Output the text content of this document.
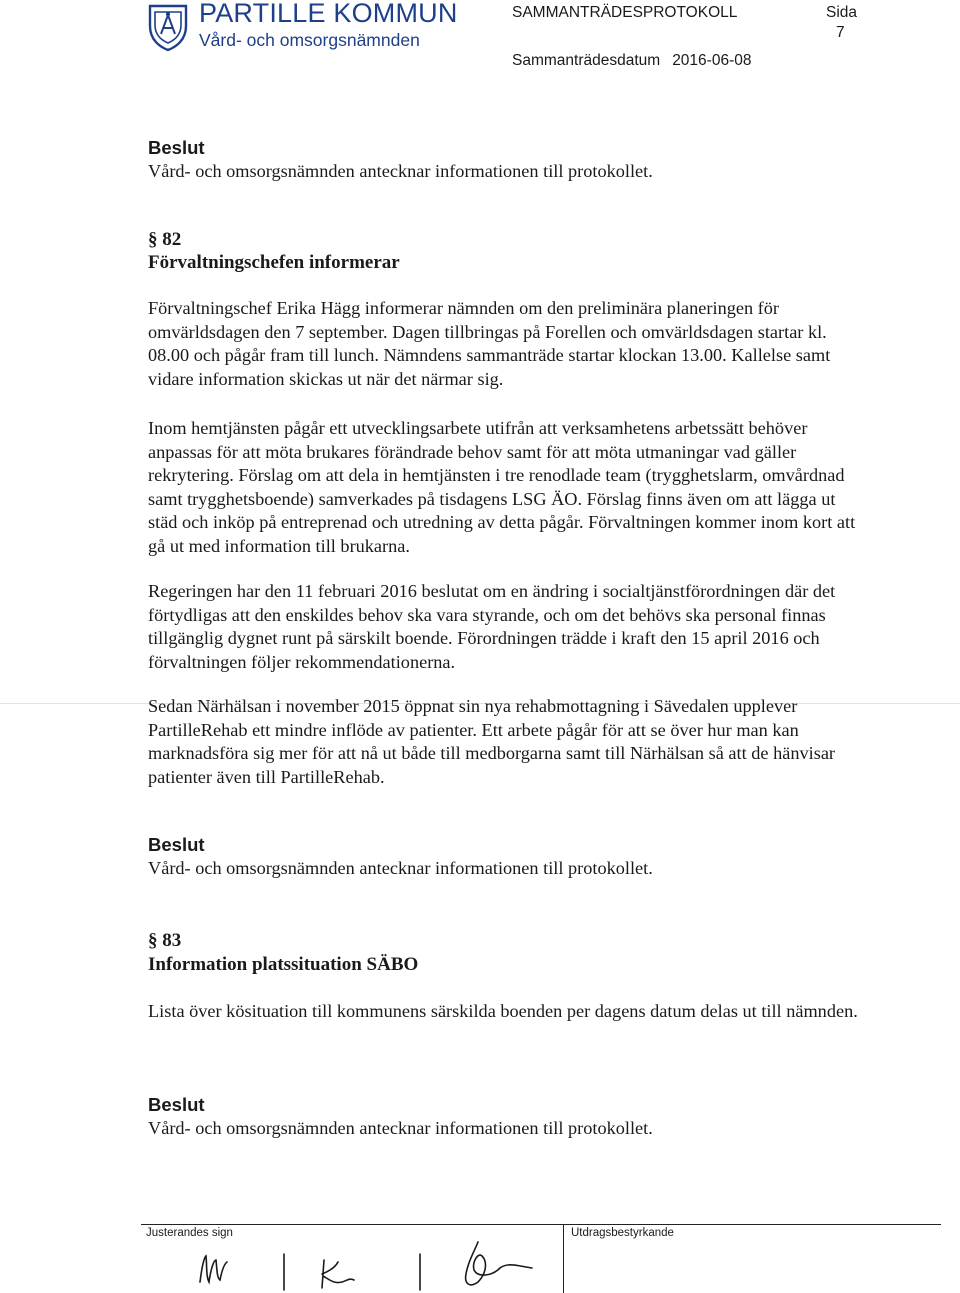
PARTILLE KOMMUN
Vård- och omsorgsnämnden
SAMMANTRÄDESPROTOKOLL	Sida
7
Sammanträdesdatum 2016-06-08
Beslut

Vård- och omsorgsnämnden antecknar informationen till protokollet.

§ 82
Förvaltningschefen informerar

Förvaltningschef Erika Hägg informerar nämnden om den preliminära planeringen för omvärldsdagen den 7 september. Dagen tillbringas på Forellen och omvärldsdagen startar kl. 08.00 och pågår fram till lunch. Nämndens sammanträde startar klockan 13.00. Kallelse samt vidare information skickas ut när det närmar sig.

Inom hemtjänsten pågår ett utvecklingsarbete utifrån att verksamhetens arbetssätt behöver anpassas för att möta brukares förändrade behov samt för att möta utmaningar vad gäller rekrytering. Förslag om att dela in hemtjänsten i tre renodlade team (trygghetslarm, omvårdnad samt trygghetsboende) samverkades på tisdagens LSG ÄO. Förslag finns även om att lägga ut städ och inköp på entreprenad och utredning av detta pågår. Förvaltningen kommer inom kort att gå ut med information till brukarna.

Regeringen har den 11 februari 2016 beslutat om en ändring i socialtjänstförordningen där det förtydligas att den enskildes behov ska vara styrande, och om det behövs ska personal finnas tillgänglig dygnet runt på särskilt boende. Förordningen trädde i kraft den 15 april 2016 och förvaltningen följer rekommendationerna.

Sedan Närhälsan i november 2015 öppnat sin nya rehabmottagning i Sävedalen upplever PartilleRehab ett mindre inflöde av patienter. Ett arbete pågår för att se över hur man kan marknadsföra sig mer för att nå ut både till medborgarna samt till Närhälsan så att de hänvisar patienter även till PartilleRehab.

Beslut

Vård- och omsorgsnämnden antecknar informationen till protokollet.

§ 83
Information platssituation SÄBO

Lista över kösituation till kommunens särskilda boenden per dagens datum delas ut till nämnden.

Beslut

Vård- och omsorgsnämnden antecknar informationen till protokollet.

Justerandes sign	Utdragsbestyrkande
